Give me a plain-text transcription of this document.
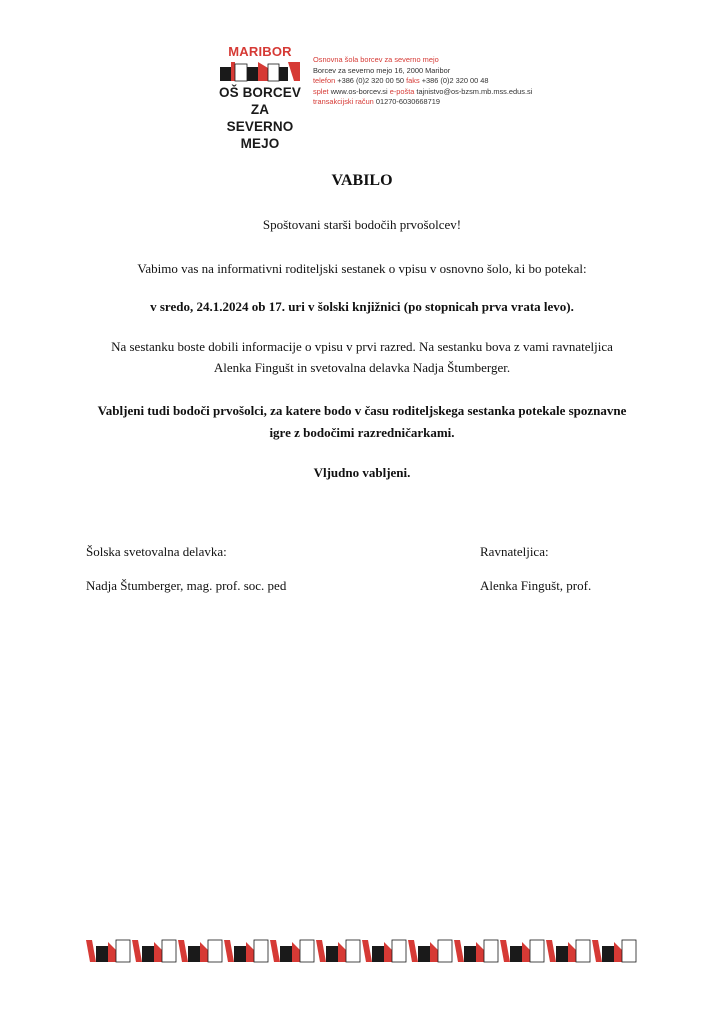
MARIBOR
OŠ BORCEV ZA
SEVERNO MEJO
Osnovna šola borcev za severno mejo
Borcev za severno mejo 16, 2000 Maribor
telefon +386 (0)2 320 00 50 faks +386 (0)2 320 00 48
splet www.os-borcev.si e-pošta tajnistvo@os-bzsm.mb.mss.edus.si
transakcijski račun 01270-6030668719
VABILO
Spoštovani starši bodočih prvošolcev!
Vabimo vas na informativni roditeljski sestanek o vpisu v osnovno šolo, ki bo potekal:
v sredo, 24.1.2024 ob 17. uri v šolski knjižnici (po stopnicah prva vrata levo).
Na sestanku boste dobili informacije o vpisu v prvi razred. Na sestanku bova z vami ravnateljica
Alenka Fingušt in svetovalna delavka Nadja Štumberger.
Vabljeni tudi bodoči prvošolci, za katere bodo v času roditeljskega sestanka potekale spoznavne
igre z bodočimi razredničarkami.
Vljudno vabljeni.
Šolska svetovalna delavka:
Nadja Štumberger, mag. prof. soc. ped
Ravnateljica:
Alenka Fingušt, prof.
